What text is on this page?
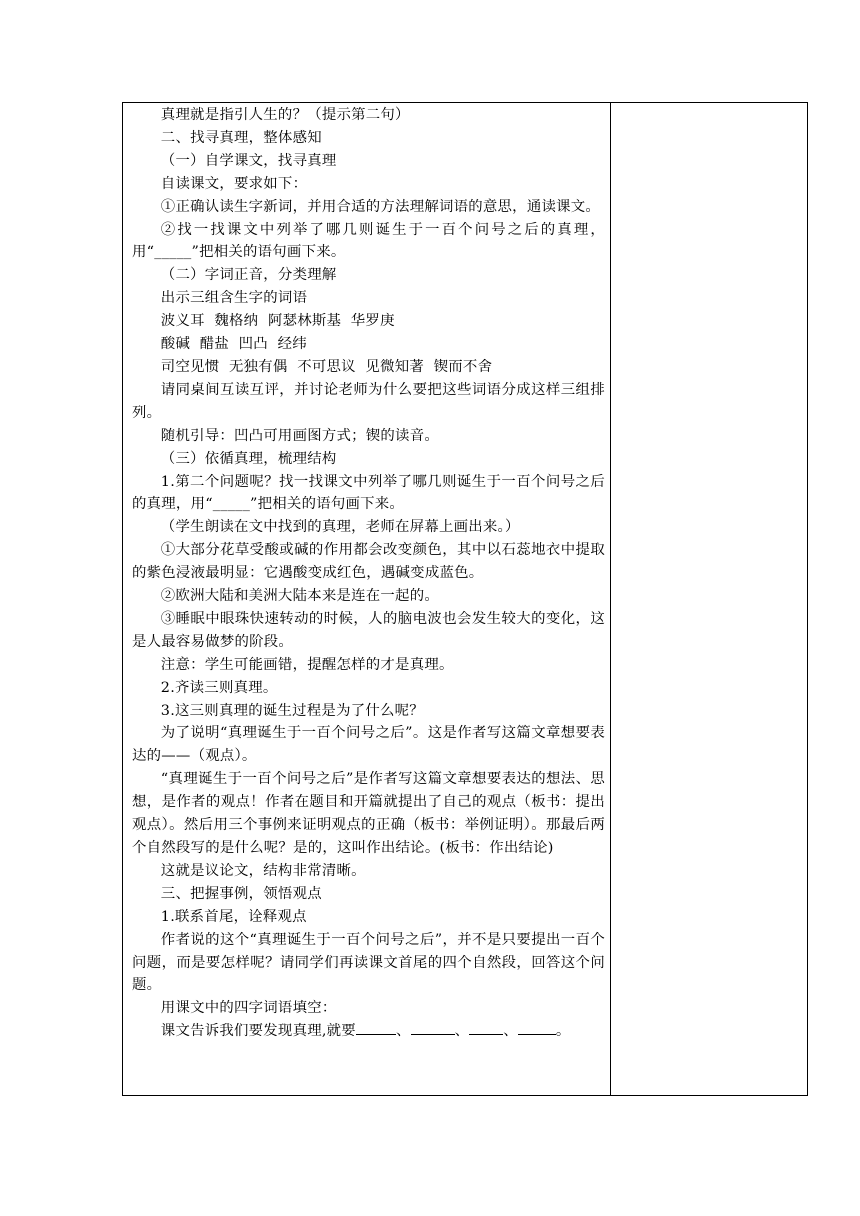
真理就是指引人生的？（提示第二句）

二、找寻真理，整体感知

（一）自学课文，找寻真理

自读课文，要求如下：

①正确认读生字新词，并用合适的方法理解词语的意思，通读课文。

②找一找课文中列举了哪几则诞生于一百个问号之后的真理，用“_____”把相关的语句画下来。

（二）字词正音，分类理解

出示三组含生字的词语

波义耳  魏格纳  阿瑟林斯基  华罗庚

酸碱  醋盐  凹凸  经纬

司空见惯  无独有偶  不可思议  见微知著  锲而不舍

请同桌间互读互评，并讨论老师为什么要把这些词语分成这样三组排列。

随机引导：凹凸可用画图方式；锲的读音。

（三）依循真理，梳理结构

1.第二个问题呢？找一找课文中列举了哪几则诞生于一百个问号之后的真理，用“_____”把相关的语句画下来。

（学生朗读在文中找到的真理，老师在屏幕上画出来。）

①大部分花草受酸或碱的作用都会改变颜色，其中以石蕊地衣中提取的紫色浸液最明显：它遇酸变成红色，遇碱变成蓝色。

②欧洲大陆和美洲大陆本来是连在一起的。

③睡眠中眼珠快速转动的时候，人的脑电波也会发生较大的变化，这是人最容易做梦的阶段。

注意：学生可能画错，提醒怎样的才是真理。

2.齐读三则真理。

3.这三则真理的诞生过程是为了什么呢？

为了说明“真理诞生于一百个问号之后”。这是作者写这篇文章想要表达的——（观点）。

“真理诞生于一百个问号之后”是作者写这篇文章想要表达的想法、思想，是作者的观点！作者在题目和开篇就提出了自己的观点（板书：提出观点）。然后用三个事例来证明观点的正确（板书：举例证明）。那最后两个自然段写的是什么呢？是的，这叫作出结论。(板书：作出结论)

这就是议论文，结构非常清晰。

三、把握事例，领悟观点

1.联系首尾，诠释观点

作者说的这个“真理诞生于一百个问号之后”，并不是只要提出一百个问题，而是要怎样呢？请同学们再读课文首尾的四个自然段，回答这个问题。

用课文中的四字词语填空：

课文告诉我们要发现真理,就要	、	、 、	。
